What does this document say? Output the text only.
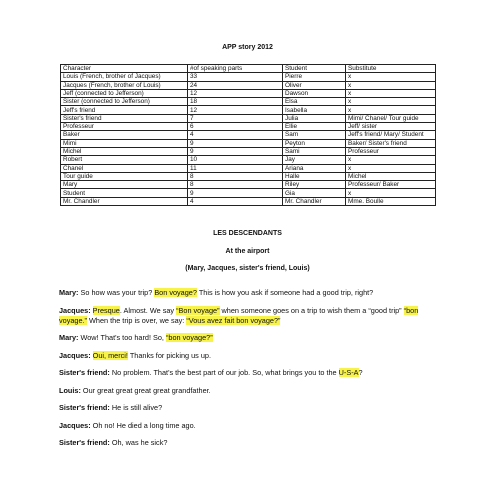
APP story 2012
Character	#of speaking parts	Student	Substitute
Louis (French, brother of Jacques)	33	Pierre	x
Jacques (French, brother of Louis)	24	Oliver	x
Jeff (connected to Jefferson)	12	Dawson	x
Sister (connected to Jefferson)	18	Elsa	x
Jeff's friend	12	Isabella	x
Sister's friend	7	Julia	Mimi/ Chanel/ Tour guide
Professeur	6	Ellie	Jeff/ sister
Baker	4	Sam	Jeff's friend/ Mary/ Student
Mimi	9	Peyton	Baker/ Sister's friend
Michel	9	Sami	Professeur
Robert	10	Jay	x
Chanel	11	Ariana	x
Tour guide	8	Halle	Michel
Mary	8	Riley	Professeur/ Baker
Student	9	Gia	x
Mr. Chandler	4	Mr. Chandler	Mme. Boulle
LES DESCENDANTS
At the airport
(Mary, Jacques, sister's friend, Louis)

Mary: So how was your trip? Bon voyage? This is how you ask if someone had a good trip, right?

Jacques: Presque. Almost. We say “Bon voyage” when someone goes on a trip to wish them a “good trip” “bon voyage.” When the trip is over, we say: “Vous avez fait bon voyage?”

Mary: Wow! That's too hard! So, “bon voyage?”

Jacques: Oui, merci! Thanks for picking us up.

Sister's friend: No problem. That's the best part of our job. So, what brings you to the U-S-A?

Louis: Our great great great great grandfather.

Sister's friend: He is still alive?

Jacques: Oh no! He died a long time ago.

Sister's friend: Oh, was he sick?
